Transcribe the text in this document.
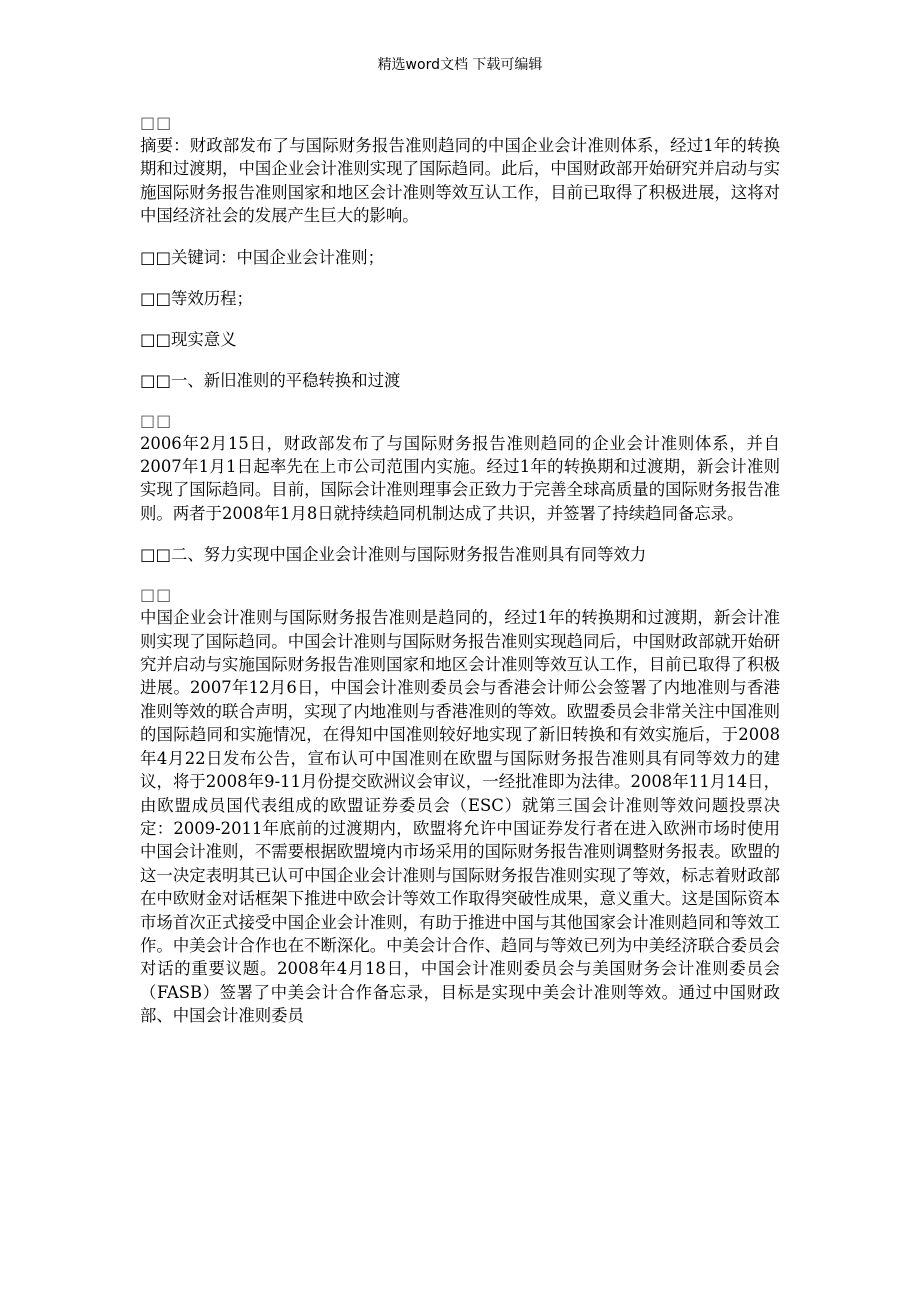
精选word文档 下载可编辑
□□

摘要：财政部发布了与国际财务报告准则趋同的中国企业会计准则体系，经过1年的转换期和过渡期，中国企业会计准则实现了国际趋同。此后，中国财政部开始研究并启动与实施国际财务报告准则国家和地区会计准则等效互认工作，目前已取得了积极进展，这将对中国经济社会的发展产生巨大的影响。

□□关键词：中国企业会计准则；

□□等效历程；

□□现实意义

□□一、新旧准则的平稳转换和过渡

□□

2006年2月15日，财政部发布了与国际财务报告准则趋同的企业会计准则体系，并自2007年1月1日起率先在上市公司范围内实施。经过1年的转换期和过渡期，新会计准则实现了国际趋同。目前，国际会计准则理事会正致力于完善全球高质量的国际财务报告准则。两者于2008年1月8日就持续趋同机制达成了共识，并签署了持续趋同备忘录。

□□二、努力实现中国企业会计准则与国际财务报告准则具有同等效力

□□

中国企业会计准则与国际财务报告准则是趋同的，经过1年的转换期和过渡期，新会计准则实现了国际趋同。中国会计准则与国际财务报告准则实现趋同后，中国财政部就开始研究并启动与实施国际财务报告准则国家和地区会计准则等效互认工作，目前已取得了积极进展。2007年12月6日，中国会计准则委员会与香港会计师公会签署了内地准则与香港准则等效的联合声明，实现了内地准则与香港准则的等效。欧盟委员会非常关注中国准则的国际趋同和实施情况，在得知中国准则较好地实现了新旧转换和有效实施后，于2008年4月22日发布公告，宣布认可中国准则在欧盟与国际财务报告准则具有同等效力的建议，将于2008年9-11月份提交欧洲议会审议，一经批准即为法律。2008年11月14日，由欧盟成员国代表组成的欧盟证券委员会（ESC）就第三国会计准则等效问题投票决定：2009-2011年底前的过渡期内，欧盟将允许中国证券发行者在进入欧洲市场时使用中国会计准则，不需要根据欧盟境内市场采用的国际财务报告准则调整财务报表。欧盟的这一决定表明其已认可中国企业会计准则与国际财务报告准则实现了等效，标志着财政部在中欧财金对话框架下推进中欧会计等效工作取得突破性成果，意义重大。这是国际资本市场首次正式接受中国企业会计准则，有助于推进中国与其他国家会计准则趋同和等效工作。中美会计合作也在不断深化。中美会计合作、趋同与等效已列为中美经济联合委员会对话的重要议题。2008年4月18日，中国会计准则委员会与美国财务会计准则委员会（FASB）签署了中美会计合作备忘录，目标是实现中美会计准则等效。通过中国财政部、中国会计准则委员
